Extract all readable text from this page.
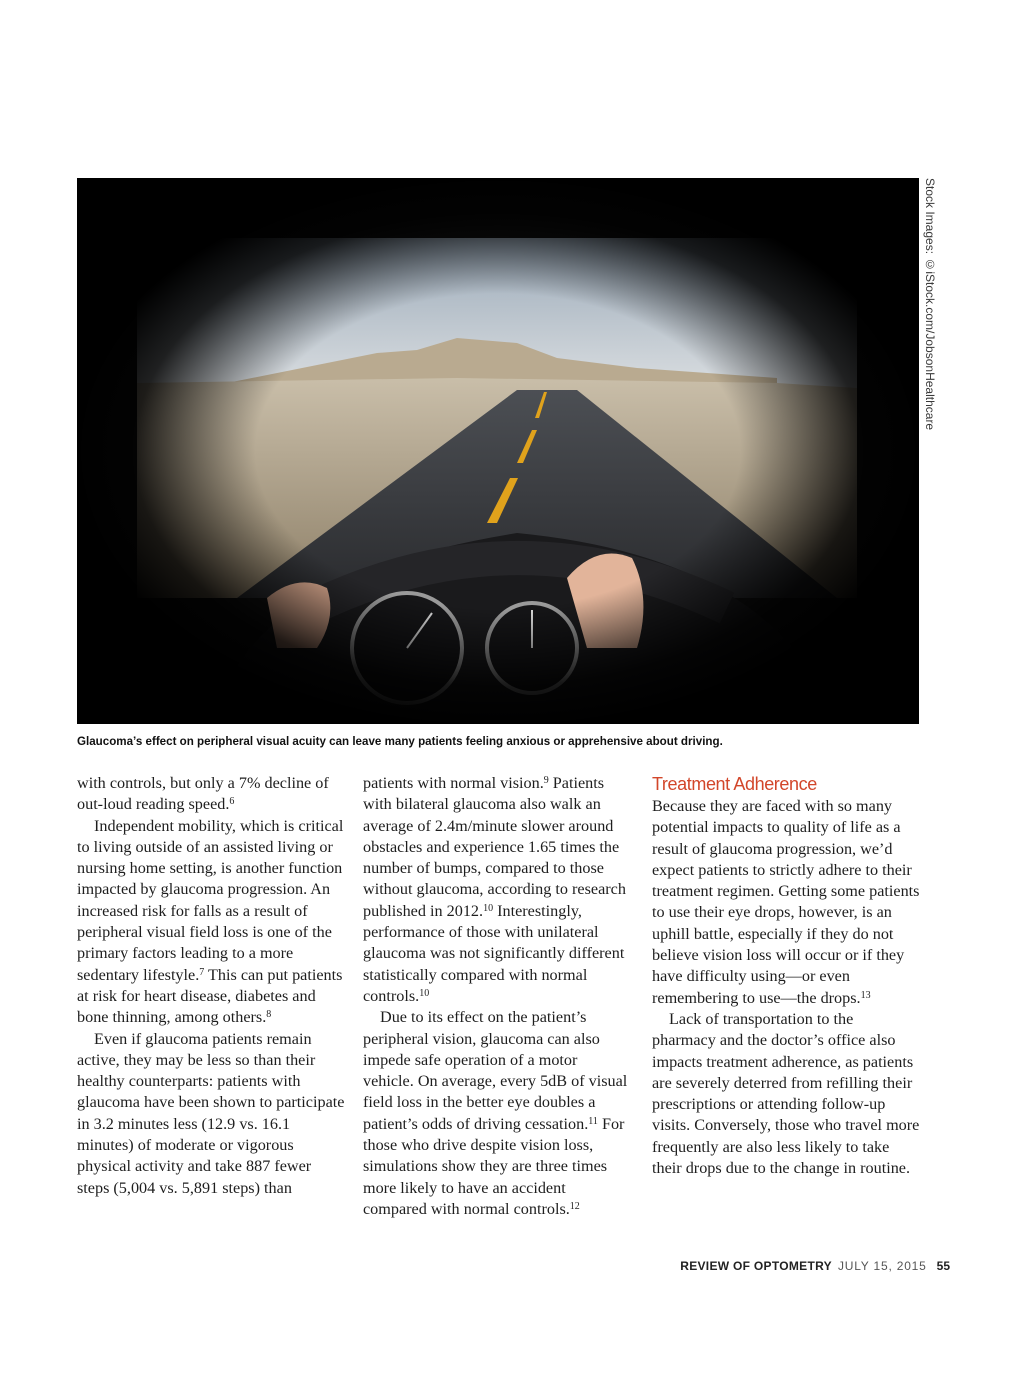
Stock Images: ©iStock.com/JobsonHealthcare
Glaucoma’s effect on peripheral visual acuity can leave many patients feeling anxious or apprehensive about driving.

with controls, but only a 7% decline of out-loud reading speed.$^6$

Independent mobility, which is critical to living outside of an assisted living or nursing home setting, is another function impacted by glaucoma progression. An increased risk for falls as a result of peripheral visual field loss is one of the primary factors leading to a more sedentary lifestyle.$^7$ This can put patients at risk for heart disease, diabetes and bone thinning, among others.$^8$

Even if glaucoma patients remain active, they may be less so than their healthy counterparts: patients with glaucoma have been shown to participate in 3.2 minutes less (12.9 vs. 16.1 minutes) of moderate or vigorous physical activity and take 887 fewer steps (5,004 vs. 5,891 steps) than

patients with normal vision.$^9$ Patients with bilateral glaucoma also walk an average of 2.4m/minute slower around obstacles and experience 1.65 times the number of bumps, compared to those without glaucoma, according to research published in 2012.10 Interestingly, performance of those with unilateral glaucoma was not significantly different statistically compared with normal controls.$^{10}$

Due to its effect on the patient’s peripheral vision, glaucoma can also impede safe operation of a motor vehicle. On average, every 5dB of visual field loss in the better eye doubles a patient’s odds of driving cessation.$^{11}$ For those who drive despite vision loss, simulations show they are three times more likely to have an accident compared with normal controls.$^{12}$

Treatment Adherence

Because they are faced with so many potential impacts to quality of life as a result of glaucoma progression, we’d expect patients to strictly adhere to their treatment regimen. Getting some patients to use their eye drops, however, is an uphill battle, especially if they do not believe vision loss will occur or if they have difficulty using—or even remembering to use—the drops.$^{13}$

Lack of transportation to the pharmacy and the doctor’s office also impacts treatment adherence, as patients are severely deterred from refilling their prescriptions or attending follow-up visits. Conversely, those who travel more frequently are also less likely to take their drops due to the change in routine.

REVIEW OF OPTOMETRY JULY 15, 2015 55
